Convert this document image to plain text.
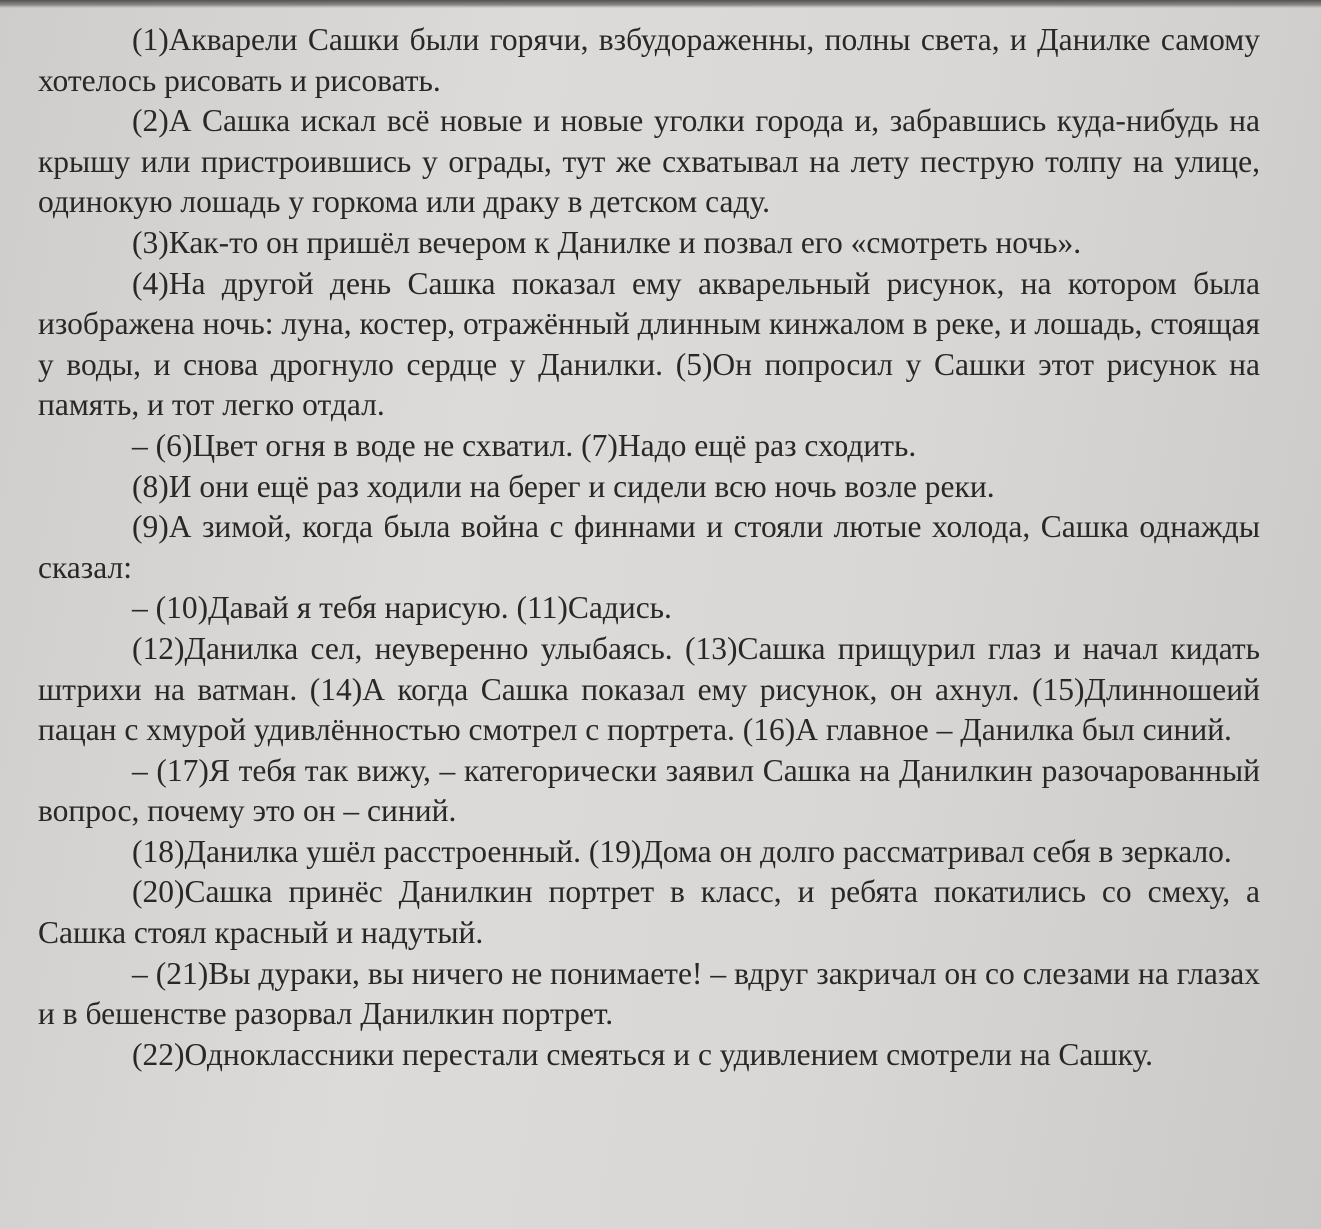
(1)Акварели Сашки были горячи, взбудораженны, полны света, и Данилке самому хотелось рисовать и рисовать.

(2)А Сашка искал всё новые и новые уголки города и, забравшись куда-нибудь на крышу или пристроившись у ограды, тут же схватывал на лету пеструю толпу на улице, одинокую лошадь у горкома или драку в детском саду.

(3)Как-то он пришёл вечером к Данилке и позвал его «смотреть ночь».

(4)На другой день Сашка показал ему акварельный рисунок, на котором была изображена ночь: луна, костер, отражённый длинным кинжалом в реке, и лошадь, стоящая у воды, и снова дрогнуло сердце у Данилки. (5)Он попросил у Сашки этот рисунок на память, и тот легко отдал.

– (6)Цвет огня в воде не схватил. (7)Надо ещё раз сходить.

(8)И они ещё раз ходили на берег и сидели всю ночь возле реки.

(9)А зимой, когда была война с финнами и стояли лютые холода, Сашка однажды сказал:

– (10)Давай я тебя нарисую. (11)Садись.

(12)Данилка сел, неуверенно улыбаясь. (13)Сашка прищурил глаз и начал кидать штрихи на ватман. (14)А когда Сашка показал ему рисунок, он ахнул. (15)Длинношеий пацан с хмурой удивлённостью смотрел с портрета. (16)А главное – Данилка был синий.

– (17)Я тебя так вижу, – категорически заявил Сашка на Данилкин разочарованный вопрос, почему это он – синий.

(18)Данилка ушёл расстроенный. (19)Дома он долго рассматривал себя в зеркало.

(20)Сашка принёс Данилкин портрет в класс, и ребята покатились со смеху, а Сашка стоял красный и надутый.

– (21)Вы дураки, вы ничего не понимаете! – вдруг закричал он со слезами на глазах и в бешенстве разорвал Данилкин портрет.

(22)Одноклассники перестали смеяться и с удивлением смотрели на Сашку.
